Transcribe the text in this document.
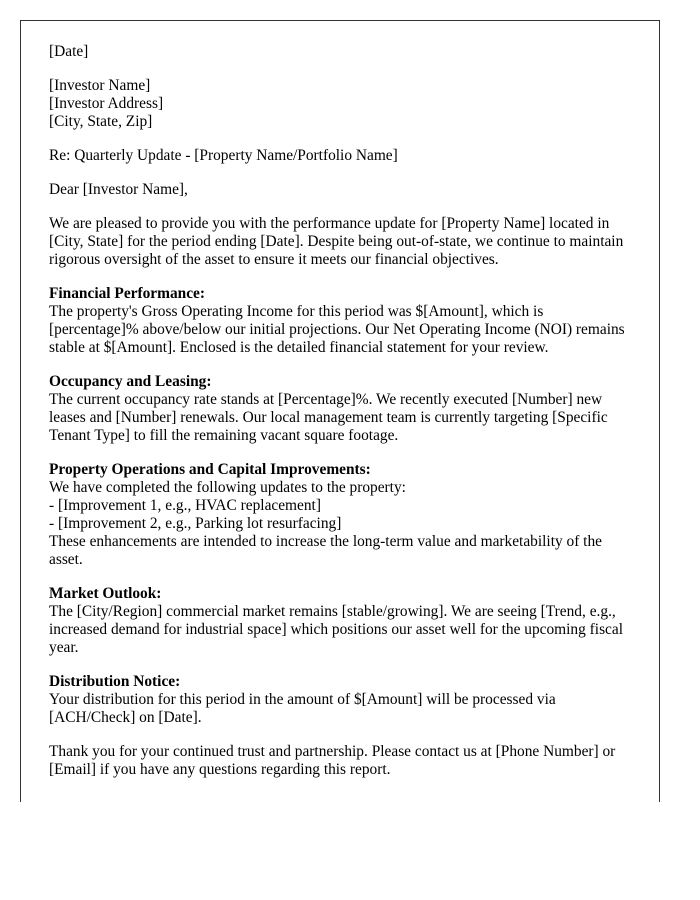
[Date]

[Investor Name]
[Investor Address]
[City, State, Zip]

Re: Quarterly Update - [Property Name/Portfolio Name]

Dear [Investor Name],

We are pleased to provide you with the performance update for [Property Name] located in [City, State] for the period ending [Date]. Despite being out-of-state, we continue to maintain rigorous oversight of the asset to ensure it meets our financial objectives.

Financial Performance:
The property's Gross Operating Income for this period was $[Amount], which is [percentage]% above/below our initial projections. Our Net Operating Income (NOI) remains stable at $[Amount]. Enclosed is the detailed financial statement for your review.

Occupancy and Leasing:
The current occupancy rate stands at [Percentage]%. We recently executed [Number] new leases and [Number] renewals. Our local management team is currently targeting [Specific Tenant Type] to fill the remaining vacant square footage.

Property Operations and Capital Improvements:
We have completed the following updates to the property:
- [Improvement 1, e.g., HVAC replacement]
- [Improvement 2, e.g., Parking lot resurfacing]
These enhancements are intended to increase the long-term value and marketability of the asset.

Market Outlook:
The [City/Region] commercial market remains [stable/growing]. We are seeing [Trend, e.g., increased demand for industrial space] which positions our asset well for the upcoming fiscal year.

Distribution Notice:
Your distribution for this period in the amount of $[Amount] will be processed via [ACH/Check] on [Date].

Thank you for your continued trust and partnership. Please contact us at [Phone Number] or [Email] if you have any questions regarding this report.
